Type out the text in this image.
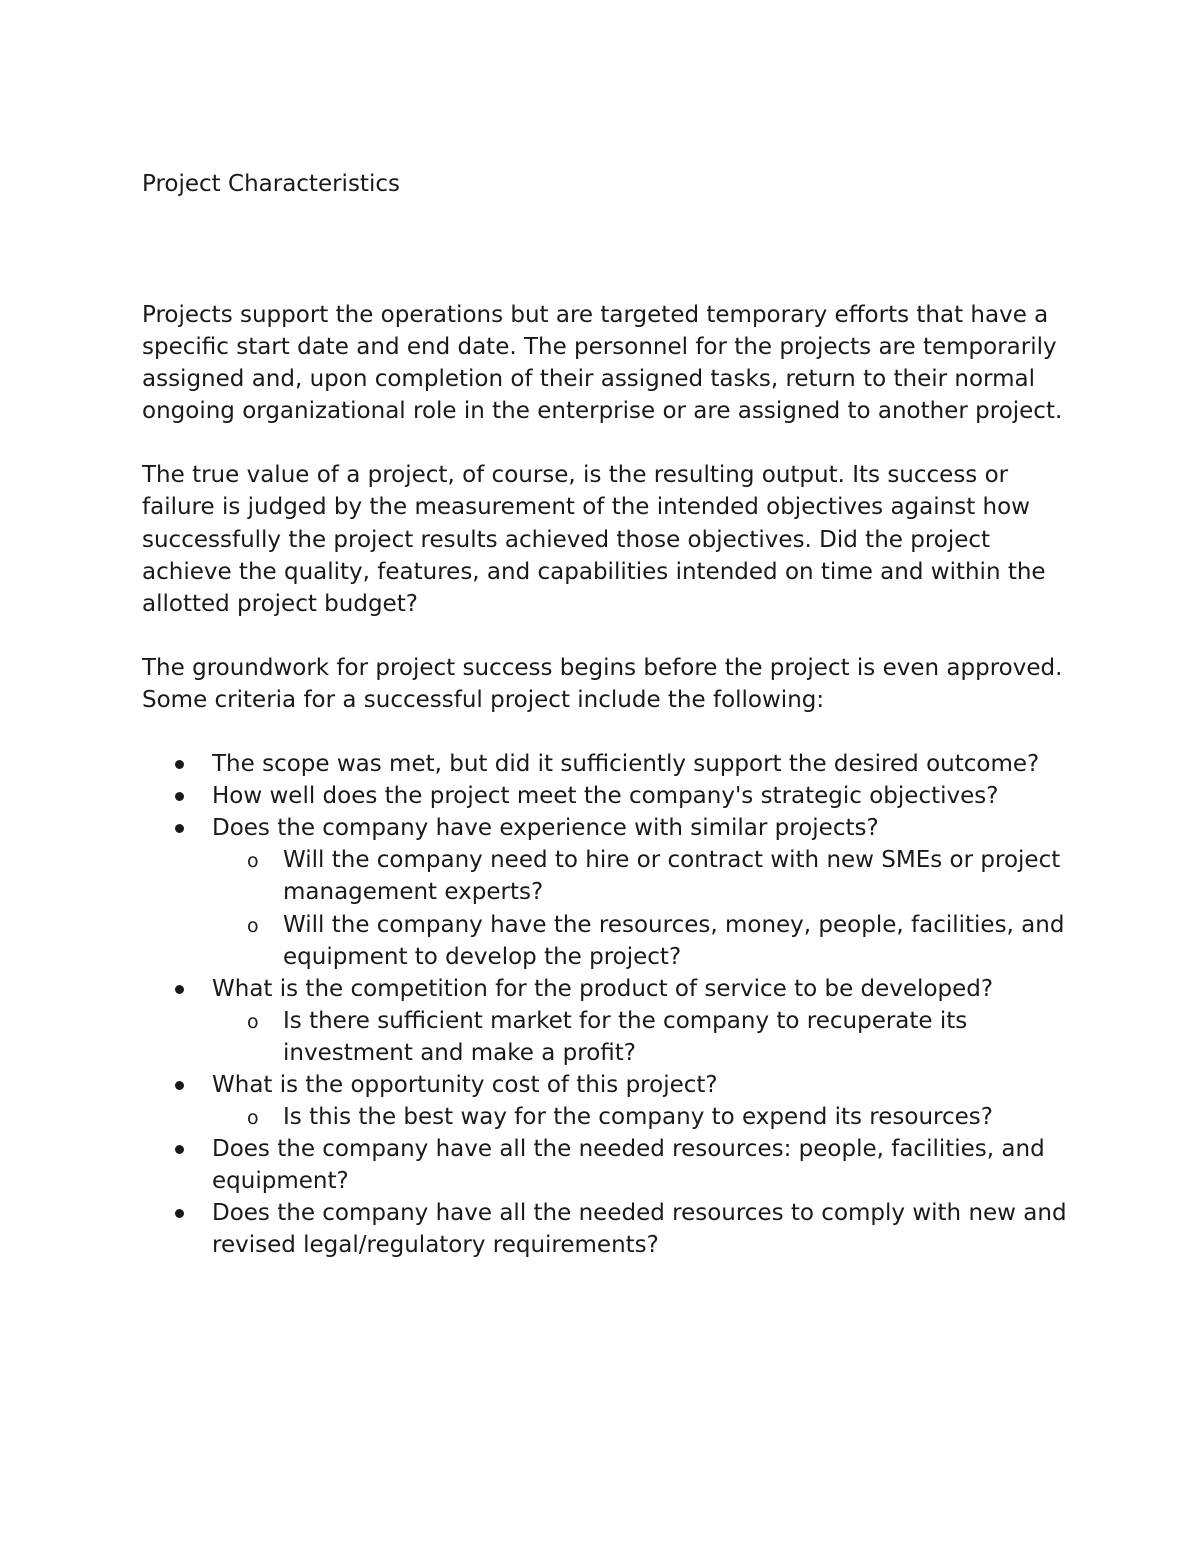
Project Characteristics

Projects support the operations but are targeted temporary efforts that have a specific start date and end date. The personnel for the projects are temporarily assigned and, upon completion of their assigned tasks, return to their normal ongoing organizational role in the enterprise or are assigned to another project.

The true value of a project, of course, is the resulting output. Its success or failure is judged by the measurement of the intended objectives against how successfully the project results achieved those objectives. Did the project achieve the quality, features, and capabilities intended on time and within the allotted project budget?

The groundwork for project success begins before the project is even approved. Some criteria for a successful project include the following:

The scope was met, but did it sufficiently support the desired outcome?
How well does the project meet the company's strategic objectives?
Does the company have experience with similar projects?
o Will the company need to hire or contract with new SMEs or project management experts?
o Will the company have the resources, money, people, facilities, and equipment to develop the project?
What is the competition for the product of service to be developed?
o Is there sufficient market for the company to recuperate its investment and make a profit?
What is the opportunity cost of this project?
o Is this the best way for the company to expend its resources?
Does the company have all the needed resources: people, facilities, and equipment?
Does the company have all the needed resources to comply with new and revised legal/regulatory requirements?
